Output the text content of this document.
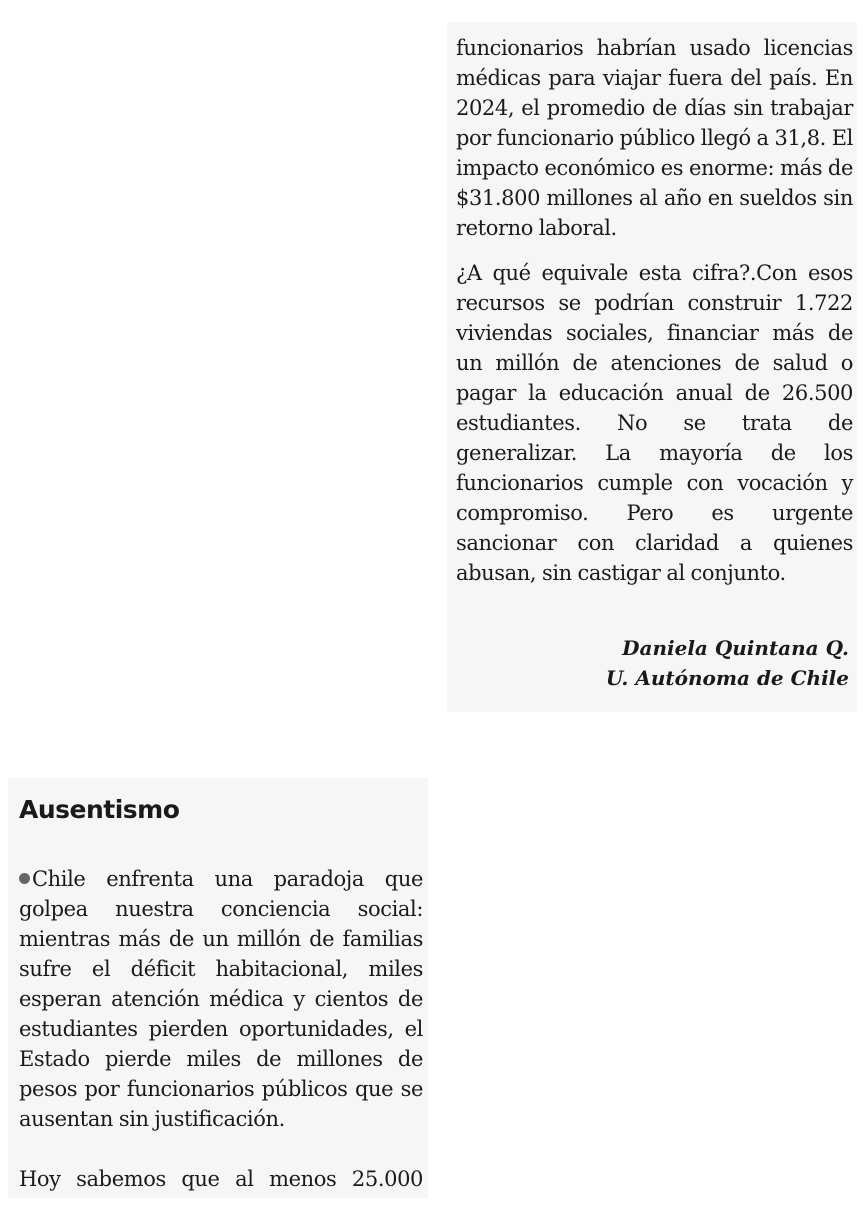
funcionarios habrían usado licencias médicas para viajar fuera del país. En 2024, el promedio de días sin trabajar por funcionario público llegó a 31,8. El impacto económico es enorme: más de $31.800 millones al año en sueldos sin retorno laboral.

¿A qué equivale esta cifra?.Con esos recursos se podrían construir 1.722 viviendas sociales, financiar más de un millón de atenciones de salud o pagar la educación anual de 26.500 estudiantes. No se trata de generalizar. La mayoría de los funcionarios cumple con vocación y compromiso. Pero es urgente sancionar con claridad a quienes abusan, sin castigar al conjunto.

Daniela Quintana Q.
U. Autónoma de Chile
Ausentismo

Chile enfrenta una paradoja que golpea nuestra conciencia social: mientras más de un millón de familias sufre el déficit habitacional, miles esperan atención médica y cientos de estudiantes pierden oportunidades, el Estado pierde miles de millones de pesos por funcionarios públicos que se ausentan sin justificación.

Hoy sabemos que al menos 25.000
